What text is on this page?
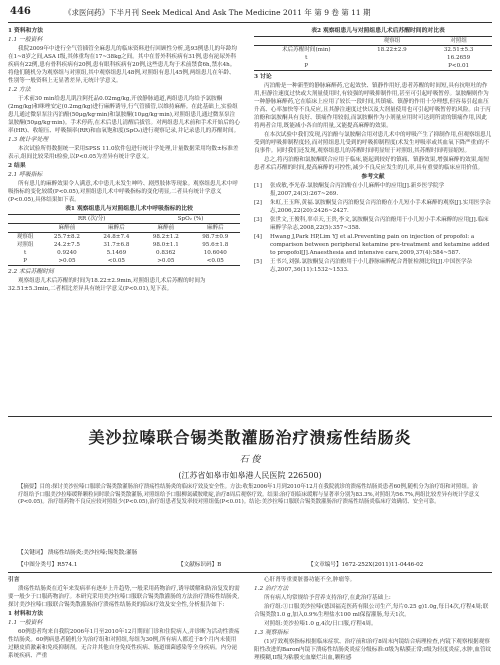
446	《求医问药》下半月刊 Seek Medical And Ask The Medicine 2011 年 第 9 卷 第 11 期

1 资料和方法

1.1 一般资料

我院2009年中进行全气管插管全麻患儿的临床资料进行回顾性分析,选93例患儿的年龄均在1~8岁之间,ASA I级,其体重均在17~38kg之间。其中在普外科疾病有31例,患有泌尿外科疾病有22例,患有骨科疾病有20例,患有眼科疾病有20例,这些患儿均于术前禁食6h,禁水4h。将他们随机分为观察组与对照组,其中观察组患儿48例,对照组有患儿45例,两组患儿在年龄、性别等一般资料上无显著差异,无统计学意义。

1.2 方法

于术前30 min给患儿肌注阿托品0.02mg/kg,开放静脉通道,两组患儿均给予氯胺酮(2mg/kg)和咪唑安定(0.2mg/kg)进行麻醉诱导,行气管插管,以维持麻醉。在此基础上,实验组患儿通过微泵泵注丙泊酚(50μg/kg·min)和氯胺酮(10μg/kg·min),对照组患儿通过微泵泵注氯胺酮(50μg/kg·min)。手术停药,在术后患儿清醒后拔管。对两组患儿术前和手术开始后的心率(HR)、收缩压、呼吸频率(RR)和血氧饱和度(SpO₂)进行观察记录,并记录患儿的苏醒时间。

1.3 统计学处理

本次试验所得数据统一采用SPSS 11.0软件包进行统计学处理,计量数据采用均数±标准差表示,组间比较采用t检验,以P<0.05为差异有统计学意义。

2 结果

2.1 呼吸指标

所有患儿的麻醉效果令人满意,术中患儿未发生呻吟、剧烈肢体等现象。观察组患儿术中呼吸指标的变化较缓(P<0.05),对照组患儿术中呼吸指标的变化明显,二者具有统计学意义(P<0.05),具体结果如下表。

表1 观察组患儿与对照组患儿术中呼吸指标的比较

	RR (次/分)		SpO₂ (%)	
	麻醉前	麻醉后	麻醉前	麻醉后
观察组	25.7±8.2	24.8±7.4	98.2±1.2	98.7±0.9
对照组	24.2±7.5	31.7±6.8	98.0±1.1	95.6±1.8
t	0.9240	5.1469	0.8362	10.6040
P	>0.05	<0.05	>0.05	<0.05

2.2 术后苏醒时间

观察组患儿术后苏醒的时间为18.22±2.9min,对照组患儿术后苏醒的时间为32.51±5.3min,二者相比差异具有统计学意义(P<0.01),见下表。

表2 观察组患儿与对照组患儿术后苏醒时间的对比表

	观察组	对照组
术后苏醒时间(min)	18.22±2.9	32.51±5.3
t		16.2659
P		P<0.01

3 讨论

丙泊酚是一种新型的静脉麻醉药,它起效快、镇静作用好,患者苏醒的时间短,具有抗呕吐的作用,但静注速度过快或大剂量使用时,有较强的呼吸抑制作用,甚至可引起呼吸暂停。氯胺酮则作为一种静脉麻醉药,它在临床上应用了较长一段时间,其镇痛、镇静的作用十分理想,但容易引起血压升高、心率加快等不良反应,且其静注速度过快以及大剂量使用也可引起呼吸暂停的风险。由于丙泊酚和氯胺酮具有良好、镇痛作用较弱,而氯胺酮作为小剂量应用时可达到所需的镇痛作用,因此将两者合用,既能减小各自的用量,又能提高麻醉的效果。

在本次试验中我们发现,丙泊酚与氯胺酮合用对患儿术中的呼吸产生了抑制作用,但观察组患儿受到的呼吸抑制程度轻,而对照组患儿受到的呼吸抑制程度(术发生呼吸率或其血氧下降严重)的不良事件。同时我们还发现,观察组患儿的苏醒时间明显短于对照组,其苏醒时间明显缩短。

总之,将丙泊酚和氯胺酮联合应用于临床,能起到较好的镇痛、镇静效果,增强麻醉的效果,缩短患者术后苏醒的时间,提高麻醉的可控性,减少不良反应发生的几率,具有重要的临床应用价值。

参考文献

[1] 张成敏,李光春.氯胺酮复合丙泊酚在小儿麻醉中的应用[J].新乡医学院学报,2007,24(3):267~269.

[2] 朱虹,王玉辉,黄福.氯胺酮复合丙泊酚复合丙泊酚在小儿短小手术麻醉的观察[J].实用医学杂志,2006,22(20):2426~2427.

[3] 张世文,王俊科,辜卓天,王贵,李文,氯胺酮复合丙泊酚用于小儿短小手术麻醉的应用[J].临床麻醉学杂志,2008,22(5):357~358.

[4] Hwang J,Park HP,Lim YJ et al.Preventing pain on injection of propofol: a comparison between peripheral ketamine pre-treatment and ketamine added to propofol[J].Anaesthesia and intensive care,2009,37(4):584~587.

[5] 王书兴,刘强.氯胺酮复合丙泊酚用于小儿静脉麻醉配合肾脏检测比较[J].中国医学杂志,2007,36(11):1532~1533.

美沙拉嗪联合锡类散灌肠治疗溃疡性结肠炎
石 俊
(江苏省如皋市如皋港人民医院 226500)

【摘要】目的:探讨美沙拉嗪口服联合锡类散灌肠治疗溃疡性结肠炎的临床疗效及安全性。方法:收集2006年1月到2010年12月在我院就诊的溃疡性结肠炎患者60例,随机分为治疗组和对照组。治疗组给予口服美沙拉嗪缓释颗粒同时联合锡类散灌肠,对照组给予口服柳氮磺胺吡啶,治疗8周后观察疗效。结果:治疗组临床缓解与显著率分别为83.3%,对照组为56.7%,两组比较差异有统计学意义(P<0.05)。治疗组药物不良反应较对照组少(P<0.05),治疗组患者复发率较对照组低(P<0.01)。结论:美沙拉嗪口服联合锡类散灌肠治疗溃疡性结肠炎临床疗效确切、安全可靠。

【关键词】 溃疡性结肠炎;美沙拉嗪;锡类散;灌肠
【中图分类号】R574.1	【文献标识码】B	【文章编号】1672-252X(2011)11-0446-02

引言

溃疡性结肠炎在近年来发病率有逐步上升趋势,一般采用药物治疗,诱导缓解和防治复发的需要一般少于口服药物治疗。本研究采用美沙拉嗪口服联合锡类散灌肠的方法治疗溃疡性结肠炎,探讨美沙拉嗪口服联合锡类散灌肠治疗溃疡性结肠炎的临床疗效及安全性,分析报告如下:

1 材料和方法

1.1 一般资料

60例患者均来自我院2006年1月至2010年12月期间门诊和住院病人,并诊断为活动性溃疡性结肠炎。60例病患者随机分为治疗组和对照组,每组为30例,所有病人都近于8个月内未使用过糖皮质激素和免疫抑制剂。无合并其他自身免疫性疾病、肠道细菌感染等全身疾病。内分泌系统疾病、严重

心肝肾等重要脏器功能不全,肿瘤等。

1.2 治疗方法

所有病人均常规给予营养支持治疗,在此治疗基础上:

治疗组:①口服美沙拉嗪(德国福克医药有限公司生产,每片0.25 g)1.0g,每日4次,疗程4周;联合锡类散1.0 g,加入0.9%生理盐水100 ml保留灌肠,每天1次。

对照组:美沙拉嗪1.0 g,4次/日口服,疗程4周。

1.3 观察指标

(1)疗效观察指标根据临床症状、治疗前和治疗8周末内镜结合病理检查,内镜下观察根据观察阳性改进的Baron内镜下溃疡性结肠炎炎症分级标准:0级为粘膜正常;I级为轻度炎症,水肿,血管纹理模糊,II级为粘膜充血糜烂出血,颗粒感
